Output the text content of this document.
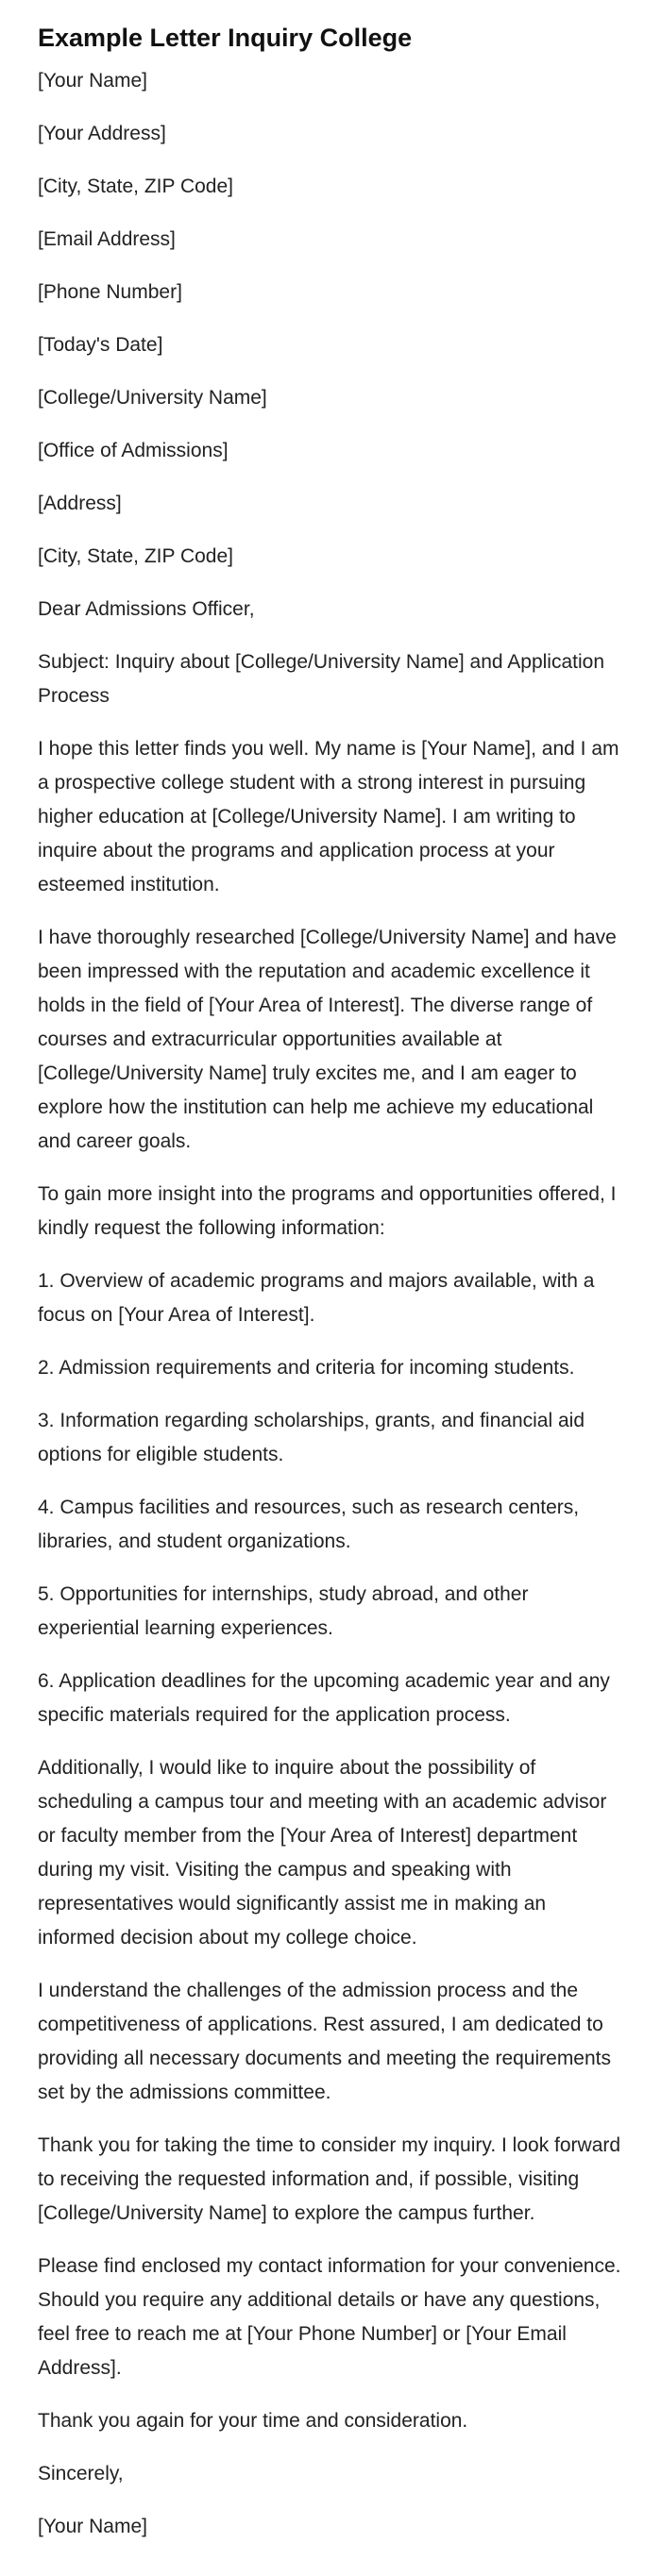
Example Letter Inquiry College
[Your Name]
[Your Address]
[City, State, ZIP Code]
[Email Address]
[Phone Number]
[Today's Date]
[College/University Name]
[Office of Admissions]
[Address]
[City, State, ZIP Code]
Dear Admissions Officer,

Subject: Inquiry about [College/University Name] and Application Process

I hope this letter finds you well. My name is [Your Name], and I am a prospective college student with a strong interest in pursuing higher education at [College/University Name]. I am writing to inquire about the programs and application process at your esteemed institution.

I have thoroughly researched [College/University Name] and have been impressed with the reputation and academic excellence it holds in the field of [Your Area of Interest]. The diverse range of courses and extracurricular opportunities available at [College/University Name] truly excites me, and I am eager to explore how the institution can help me achieve my educational and career goals.

To gain more insight into the programs and opportunities offered, I kindly request the following information:

1. Overview of academic programs and majors available, with a focus on [Your Area of Interest].

2. Admission requirements and criteria for incoming students.

3. Information regarding scholarships, grants, and financial aid options for eligible students.

4. Campus facilities and resources, such as research centers, libraries, and student organizations.

5. Opportunities for internships, study abroad, and other experiential learning experiences.

6. Application deadlines for the upcoming academic year and any specific materials required for the application process.

Additionally, I would like to inquire about the possibility of scheduling a campus tour and meeting with an academic advisor or faculty member from the [Your Area of Interest] department during my visit. Visiting the campus and speaking with representatives would significantly assist me in making an informed decision about my college choice.

I understand the challenges of the admission process and the competitiveness of applications. Rest assured, I am dedicated to providing all necessary documents and meeting the requirements set by the admissions committee.

Thank you for taking the time to consider my inquiry. I look forward to receiving the requested information and, if possible, visiting [College/University Name] to explore the campus further.

Please find enclosed my contact information for your convenience. Should you require any additional details or have any questions, feel free to reach me at [Your Phone Number] or [Your Email Address].

Thank you again for your time and consideration.

Sincerely,
[Your Name]
